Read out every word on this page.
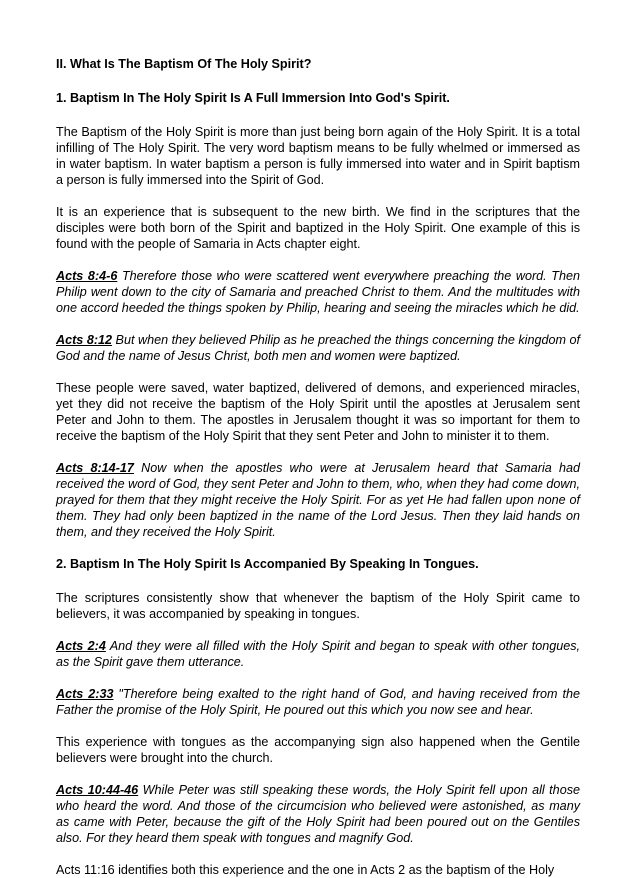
II. What Is The Baptism Of The Holy Spirit?
1. Baptism In The Holy Spirit Is A Full Immersion Into God's Spirit.

The Baptism of the Holy Spirit is more than just being born again of the Holy Spirit. It is a total infilling of The Holy Spirit. The very word baptism means to be fully whelmed or immersed as in water baptism. In water baptism a person is fully immersed into water and in Spirit baptism a person is fully immersed into the Spirit of God.

It is an experience that is subsequent to the new birth. We find in the scriptures that the disciples were both born of the Spirit and baptized in the Holy Spirit. One example of this is found with the people of Samaria in Acts chapter eight.

Acts 8:4-6 Therefore those who were scattered went everywhere preaching the word. Then Philip went down to the city of Samaria and preached Christ to them. And the multitudes with one accord heeded the things spoken by Philip, hearing and seeing the miracles which he did.

Acts 8:12 But when they believed Philip as he preached the things concerning the kingdom of God and the name of Jesus Christ, both men and women were baptized.

These people were saved, water baptized, delivered of demons, and experienced miracles, yet they did not receive the baptism of the Holy Spirit until the apostles at Jerusalem sent Peter and John to them. The apostles in Jerusalem thought it was so important for them to receive the baptism of the Holy Spirit that they sent Peter and John to minister it to them.

Acts 8:14-17 Now when the apostles who were at Jerusalem heard that Samaria had received the word of God, they sent Peter and John to them, who, when they had come down, prayed for them that they might receive the Holy Spirit. For as yet He had fallen upon none of them. They had only been baptized in the name of the Lord Jesus. Then they laid hands on them, and they received the Holy Spirit.

2. Baptism In The Holy Spirit Is Accompanied By Speaking In Tongues.

The scriptures consistently show that whenever the baptism of the Holy Spirit came to believers, it was accompanied by speaking in tongues.

Acts 2:4 And they were all filled with the Holy Spirit and began to speak with other tongues, as the Spirit gave them utterance.

Acts 2:33 "Therefore being exalted to the right hand of God, and having received from the Father the promise of the Holy Spirit, He poured out this which you now see and hear.

This experience with tongues as the accompanying sign also happened when the Gentile believers were brought into the church.

Acts 10:44-46 While Peter was still speaking these words, the Holy Spirit fell upon all those who heard the word. And those of the circumcision who believed were astonished, as many as came with Peter, because the gift of the Holy Spirit had been poured out on the Gentiles also. For they heard them speak with tongues and magnify God.

Acts 11:16 identifies both this experience and the one in Acts 2 as the baptism of the Holy
